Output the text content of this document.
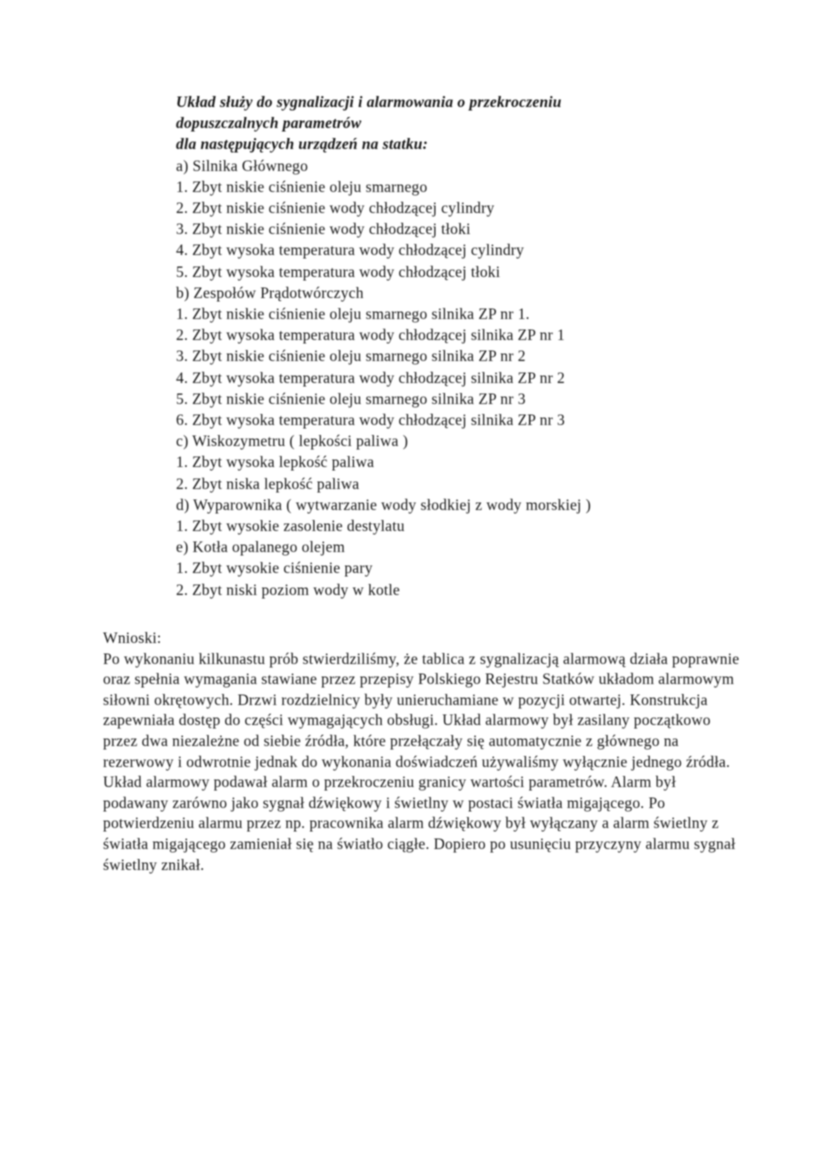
Układ służy do sygnalizacji i alarmowania o przekroczeniu
dopuszczalnych parametrów
dla następujących urządzeń na statku:
a) Silnika Głównego
1. Zbyt niskie ciśnienie oleju smarnego
2. Zbyt niskie ciśnienie wody chłodzącej cylindry
3. Zbyt niskie ciśnienie wody chłodzącej tłoki
4. Zbyt wysoka temperatura wody chłodzącej cylindry
5. Zbyt wysoka temperatura wody chłodzącej tłoki
b) Zespołów Prądotwórczych
1. Zbyt niskie ciśnienie oleju smarnego silnika ZP nr 1.
2. Zbyt wysoka temperatura wody chłodzącej silnika ZP nr 1
3. Zbyt niskie ciśnienie oleju smarnego silnika ZP nr 2
4. Zbyt wysoka temperatura wody chłodzącej silnika ZP nr 2
5. Zbyt niskie ciśnienie oleju smarnego silnika ZP nr 3
6. Zbyt wysoka temperatura wody chłodzącej silnika ZP nr 3
c) Wiskozymetru ( lepkości paliwa )
1. Zbyt wysoka lepkość paliwa
2. Zbyt niska lepkość paliwa
d) Wyparownika ( wytwarzanie wody słodkiej z wody morskiej )
1. Zbyt wysokie zasolenie destylatu
e) Kotła opalanego olejem
1. Zbyt wysokie ciśnienie pary
2. Zbyt niski poziom wody w kotle
Wnioski:
Po wykonaniu kilkunastu prób stwierdziliśmy, że tablica z sygnalizacją alarmową działa poprawnie oraz spełnia wymagania stawiane przez przepisy Polskiego Rejestru Statków układom alarmowym siłowni okrętowych. Drzwi rozdzielnicy były unieruchamiane w pozycji otwartej. Konstrukcja zapewniała dostęp do części wymagających obsługi. Układ alarmowy był zasilany początkowo przez dwa niezależne od siebie źródła, które przełączały się automatycznie z głównego na rezerwowy i odwrotnie jednak do wykonania doświadczeń używaliśmy wyłącznie jednego źródła. Układ alarmowy podawał alarm o przekroczeniu granicy wartości parametrów. Alarm był podawany zarówno jako sygnał dźwiękowy i świetlny w postaci światła migającego. Po potwierdzeniu alarmu przez np. pracownika alarm dźwiękowy był wyłączany a alarm świetlny z światła migającego zamieniał się na światło ciągłe. Dopiero po usunięciu przyczyny alarmu sygnał świetlny znikał.
